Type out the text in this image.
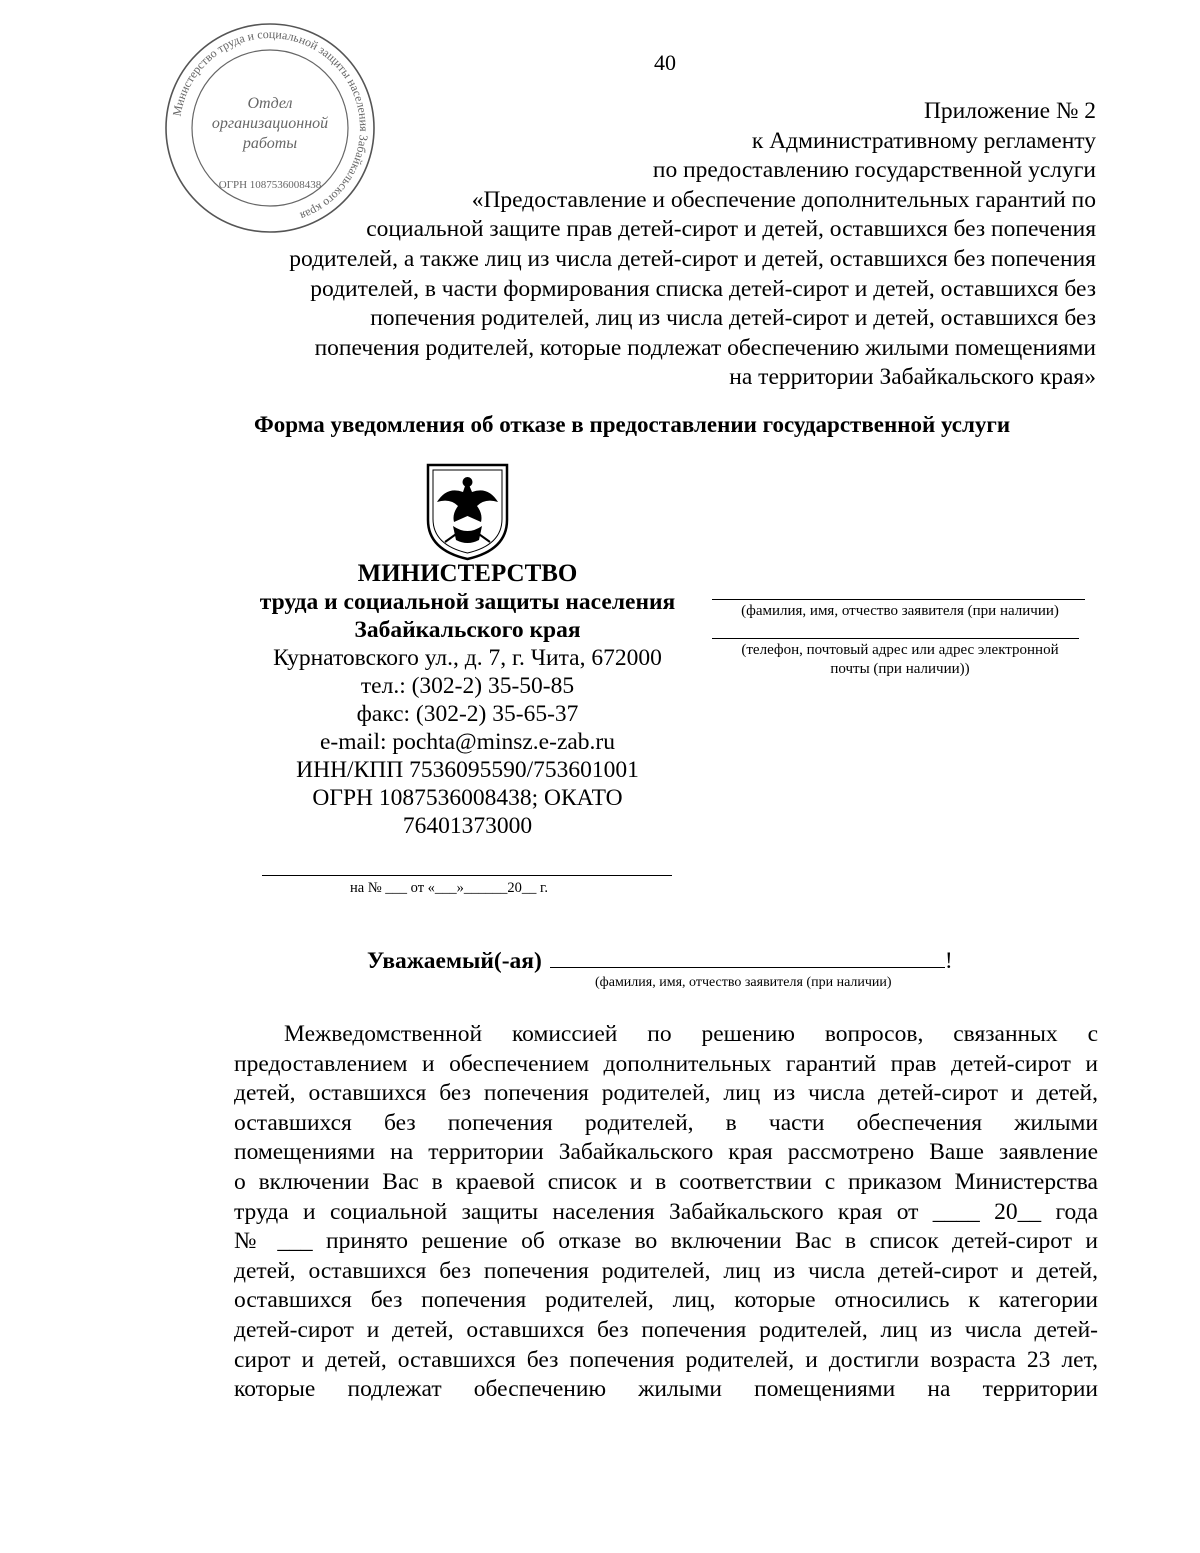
Министерство труда и социальной защиты населения Забайкальского края
Отдел
организационной
работы
ОГРН 1087536008438
40
Приложение № 2
к Административному регламенту
по предоставлению государственной услуги
«Предоставление и обеспечение дополнительных гарантий по
социальной защите прав детей-сирот и детей, оставшихся без попечения
родителей, а также лиц из числа детей-сирот и детей, оставшихся без попечения
родителей, в части формирования списка детей-сирот и детей, оставшихся без
попечения родителей, лиц из числа детей-сирот и детей, оставшихся без
попечения родителей, которые подлежат обеспечению жилыми помещениями
на территории Забайкальского края»
Форма уведомления об отказе в предоставлении государственной услуги
МИНИСТЕРСТВО
труда и социальной защиты населения
Забайкальского края
Курнатовского ул., д. 7, г. Чита, 672000
тел.: (302-2) 35-50-85
факс: (302-2) 35-65-37
e-mail: pochta@minsz.e-zab.ru
ИНН/КПП 7536095590/753601001
ОГРН 1087536008438; ОКАТО
76401373000
на № ___ от «___»______20__ г.
(фамилия, имя, отчество заявителя (при наличии)
(телефон, почтовый адрес или адрес электронной
почты (при наличии))
Уважаемый(-ая)	!
(фамилия, имя, отчество заявителя (при наличии)
Межведомственной комиссией по решению вопросов, связанных с
предоставлением и обеспечением дополнительных гарантий прав детей-сирот и
детей, оставшихся без попечения родителей, лиц из числа детей-сирот и детей,
оставшихся без попечения родителей, в части обеспечения жилыми
помещениями на территории Забайкальского края рассмотрено Ваше заявление
о включении Вас в краевой список и в соответствии с приказом Министерства
труда и социальной защиты населения Забайкальского края от ____ 20__ года
№ ___ принято решение об отказе во включении Вас в список детей-сирот и
детей, оставшихся без попечения родителей, лиц из числа детей-сирот и детей,
оставшихся без попечения родителей, лиц, которые относились к категории
детей-сирот и детей, оставшихся без попечения родителей, лиц из числа детей-
сирот и детей, оставшихся без попечения родителей, и достигли возраста 23 лет,
которые подлежат обеспечению жилыми помещениями на территории
